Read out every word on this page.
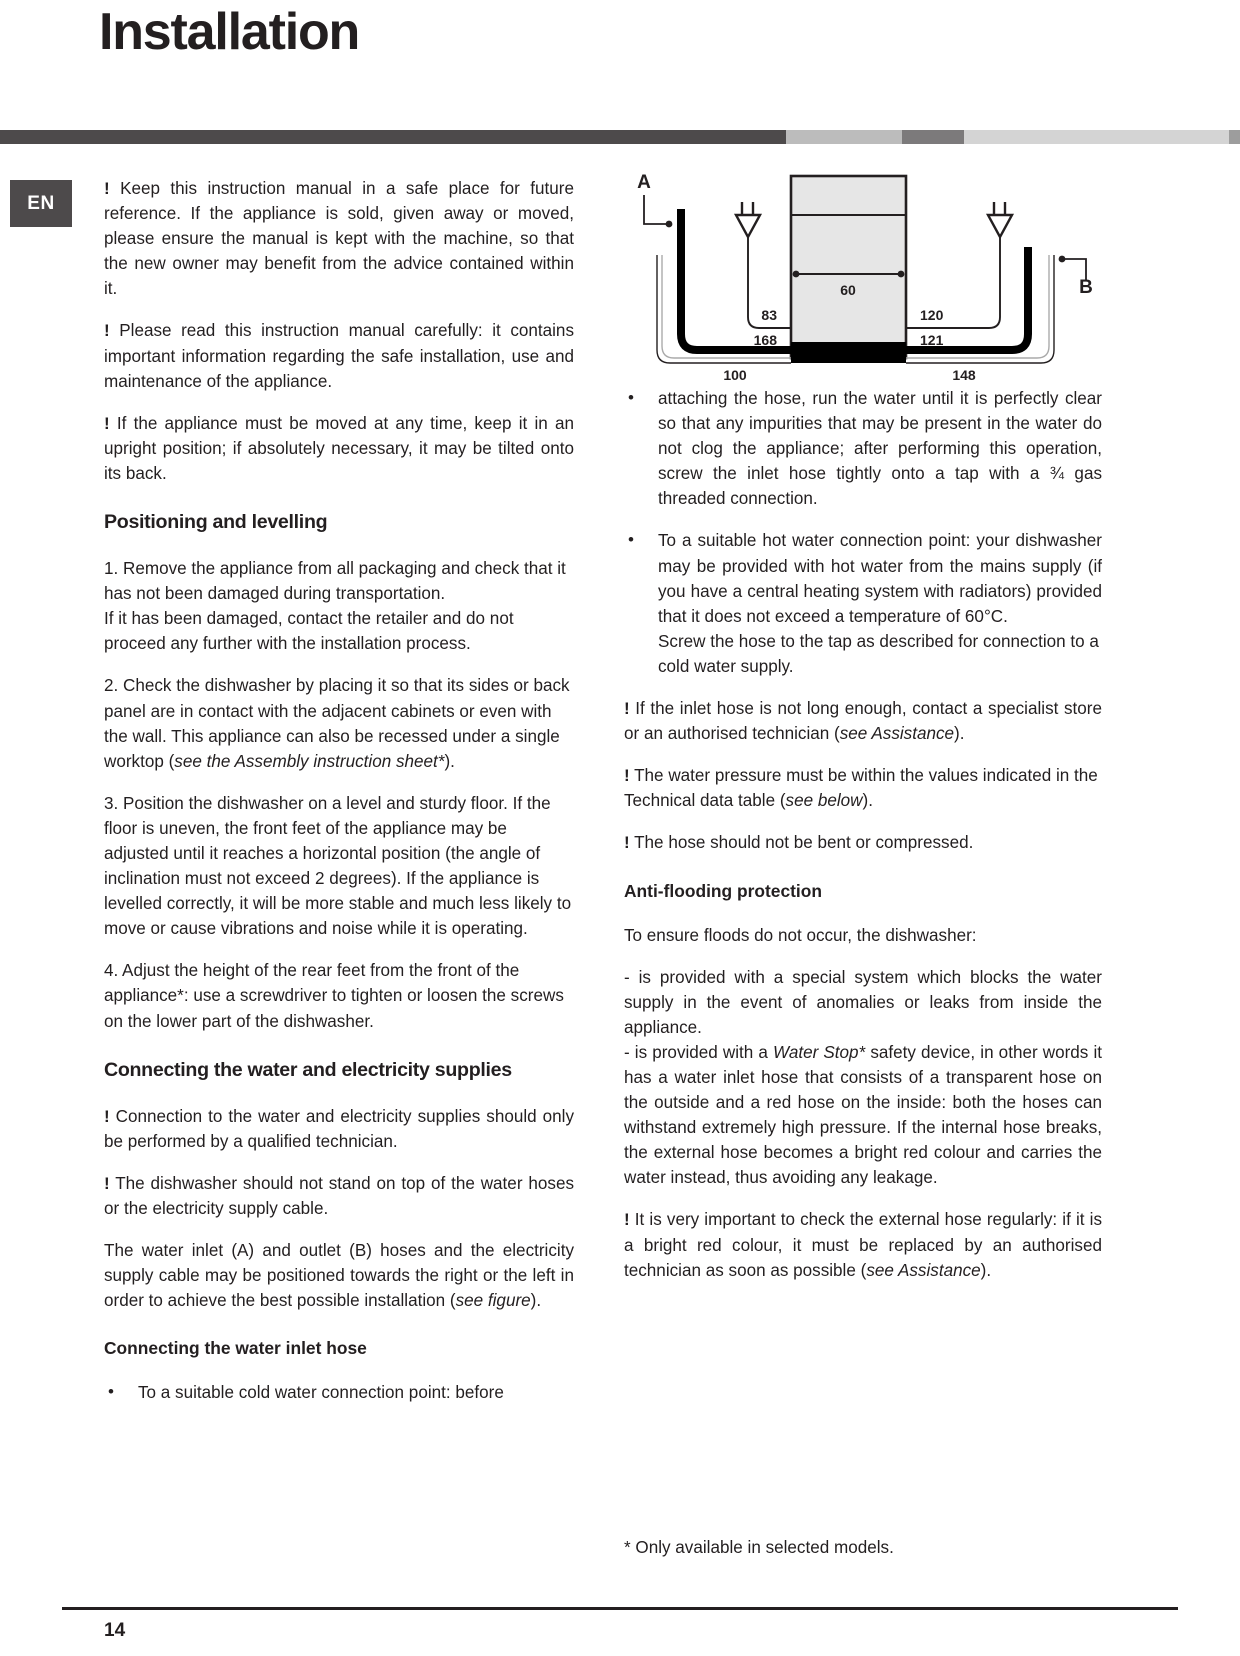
Installation
EN
60
83	120
A
B
168	121
100	148

! Keep this instruction manual in a safe place for future reference. If the appliance is sold, given away or moved, please ensure the manual is kept with the machine, so that the new owner may benefit from the advice contained within it.

! Please read this instruction manual carefully: it contains important information regarding the safe installation, use and maintenance of the appliance.

! If the appliance must be moved at any time, keep it in an upright position; if absolutely necessary, it may be tilted onto its back.

Positioning and levelling

1. Remove the appliance from all packaging and check that it has not been damaged during transportation.

If it has been damaged, contact the retailer and do not proceed any further with the installation process.

2. Check the dishwasher by placing it so that its sides or back panel are in contact with the adjacent cabinets or even with the wall. This appliance can also be recessed under a single worktop (see the Assembly instruction sheet*).

3. Position the dishwasher on a level and sturdy floor. If the floor is uneven, the front feet of the appliance may be adjusted until it reaches a horizontal position (the angle of inclination must not exceed 2 degrees). If the appliance is levelled correctly, it will be more stable and much less likely to move or cause vibrations and noise while it is operating.

4. Adjust the height of the rear feet from the front of the appliance*: use a screwdriver to tighten or loosen the screws on the lower part of the dishwasher.

Connecting the water and electricity supplies

! Connection to the water and electricity supplies should only be performed by a qualified technician.

! The dishwasher should not stand on top of the water hoses or the electricity supply cable.

The water inlet (A) and outlet (B) hoses and the electricity supply cable may be positioned towards the right or the left in order to achieve the best possible installation (see figure).

Connecting the water inlet hose
• To a suitable cold water connection point: before
• attaching the hose, run the water until it is perfectly clear so that any impurities that may be present in the water do not clog the appliance; after performing this operation, screw the inlet hose tightly onto a tap with a ¾ gas threaded connection.
• To a suitable hot water connection point: your dishwasher may be provided with hot water from the mains supply (if you have a central heating system with radiators) provided that it does not exceed a temperature of 60°C.
Screw the hose to the tap as described for connection to a cold water supply.

! If the inlet hose is not long enough, contact a specialist store or an authorised technician (see Assistance).

! The water pressure must be within the values indicated in the Technical data table (see below).

! The hose should not be bent or compressed.

Anti-flooding protection

To ensure floods do not occur, the dishwasher:

- is provided with a special system which blocks the water supply in the event of anomalies or leaks from inside the appliance.

- is provided with a Water Stop* safety device, in other words it has a water inlet hose that consists of a transparent hose on the outside and a red hose on the inside: both the hoses can withstand extremely high pressure. If the internal hose breaks, the external hose becomes a bright red colour and carries the water instead, thus avoiding any leakage.

! It is very important to check the external hose regularly: if it is a bright red colour, it must be replaced by an authorised technician as soon as possible (see Assistance).

* Only available in selected models.
14
